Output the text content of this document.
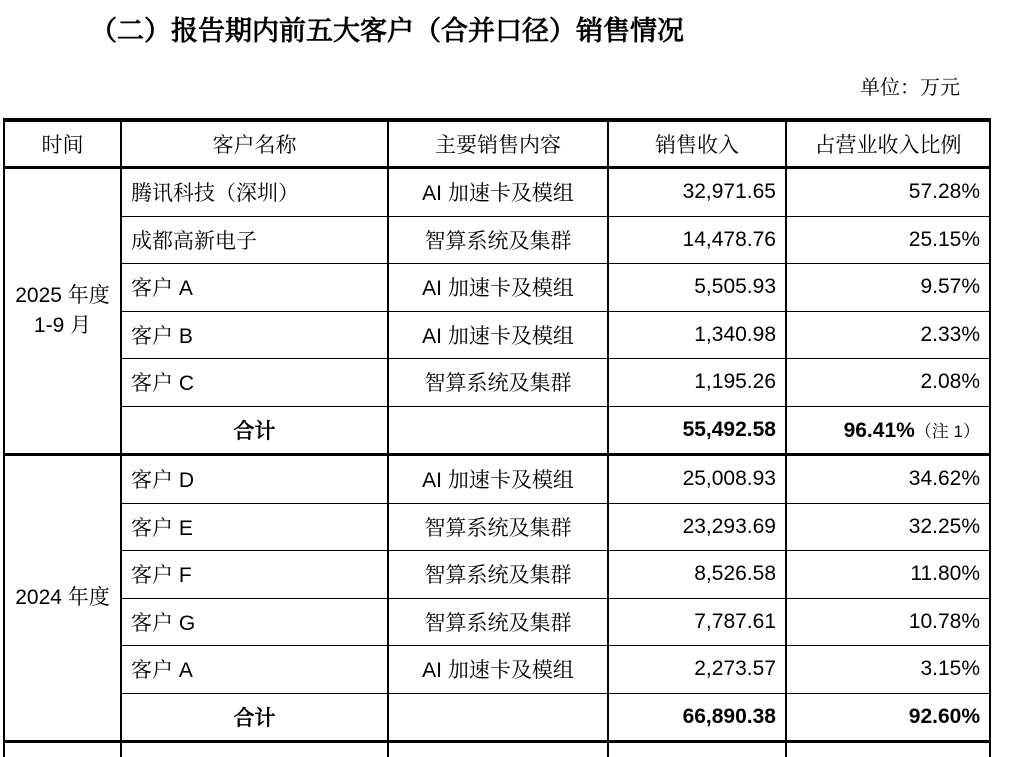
（二）报告期内前五大客户（合并口径）销售情况
单位：万元
时间	客户名称	主要销售内容	销售收入	占营业收入比例
2025 年度
1-9 月	腾讯科技（深圳）	AI 加速卡及模组	32,971.65	57.28%
	成都高新电子	智算系统及集群	14,478.76	25.15%
	客户 A	AI 加速卡及模组	5,505.93	9.57%
	客户 B	AI 加速卡及模组	1,340.98	2.33%
	客户 C	智算系统及集群	1,195.26	2.08%
	合计		55,492.58	96.41%（注 1）
2024 年度	客户 D	AI 加速卡及模组	25,008.93	34.62%
	客户 E	智算系统及集群	23,293.69	32.25%
	客户 F	智算系统及集群	8,526.58	11.80%
	客户 G	智算系统及集群	7,787.61	10.78%
	客户 A	AI 加速卡及模组	2,273.57	3.15%
	合计		66,890.38	92.60%
